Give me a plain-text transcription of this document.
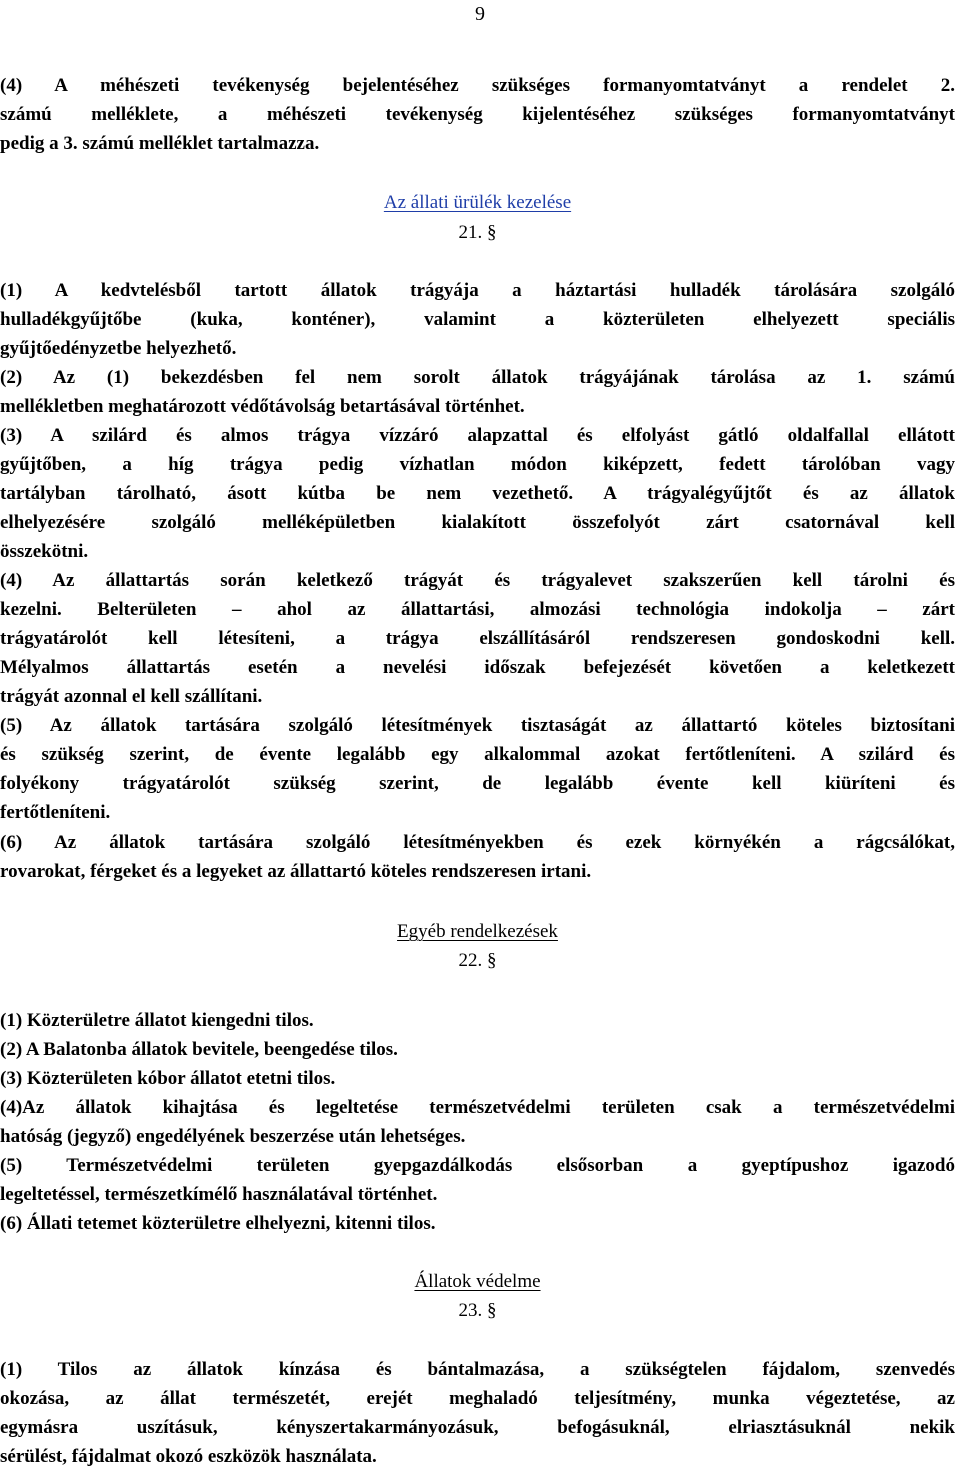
9
(4) A méhészeti tevékenység bejelentéséhez szükséges formanyomtatványt a rendelet 2.
számú melléklete, a méhészeti tevékenység kijelentéséhez szükséges formanyomtatványt
pedig a 3. számú melléklet tartalmazza.
Az állati ürülék kezelése
21. §
(1) A kedvtelésből tartott állatok trágyája a háztartási hulladék tárolására szolgáló
hulladékgyűjtőbe (kuka, konténer), valamint a közterületen elhelyezett speciális
gyűjtőedényzetbe helyezhető.
(2) Az (1) bekezdésben fel nem sorolt állatok trágyájának tárolása az 1. számú
mellékletben meghatározott védőtávolság betartásával történhet.
(3) A szilárd és almos trágya vízzáró alapzattal és elfolyást gátló oldalfallal ellátott
gyűjtőben, a híg trágya pedig vízhatlan módon kiképzett, fedett tárolóban vagy
tartályban tárolható, ásott kútba be nem vezethető. A trágyalégyűjtőt és az állatok
elhelyezésére szolgáló melléképületben kialakított összefolyót zárt csatornával kell
összekötni.
(4) Az állattartás során keletkező trágyát és trágyalevet szakszerűen kell tárolni és
kezelni. Belterületen – ahol az állattartási, almozási technológia indokolja – zárt
trágyatárolót kell létesíteni, a trágya elszállításáról rendszeresen gondoskodni kell.
Mélyalmos állattartás esetén a nevelési időszak befejezését követően a keletkezett
trágyát azonnal el kell szállítani.
(5) Az állatok tartására szolgáló létesítmények tisztaságát az állattartó köteles biztosítani
és szükség szerint, de évente legalább egy alkalommal azokat fertőtleníteni. A szilárd és
folyékony trágyatárolót szükség szerint, de legalább évente kell kiüríteni és
fertőtleníteni.
(6) Az állatok tartására szolgáló létesítményekben és ezek környékén a rágcsálókat,
rovarokat, férgeket és a legyeket az állattartó köteles rendszeresen irtani.
Egyéb rendelkezések
22. §
(1) Közterületre állatot kiengedni tilos.
(2) A Balatonba állatok bevitele, beengedése tilos.
(3) Közterületen kóbor állatot etetni tilos.
(4)Az állatok kihajtása és legeltetése természetvédelmi területen csak a természetvédelmi
hatóság (jegyző) engedélyének beszerzése után lehetséges.
(5) Természetvédelmi területen gyepgazdálkodás elsősorban a gyeptípushoz igazodó
legeltetéssel, természetkímélő használatával történhet.
(6) Állati tetemet közterületre elhelyezni, kitenni tilos.
Állatok védelme
23. §
(1) Tilos az állatok kínzása és bántalmazása, a szükségtelen fájdalom, szenvedés
okozása, az állat természetét, erejét meghaladó teljesítmény, munka végeztetése, az
egymásra uszításuk, kényszertakarmányozásuk, befogásuknál, elriasztásuknál nekik
sérülést, fájdalmat okozó eszközök használata.
